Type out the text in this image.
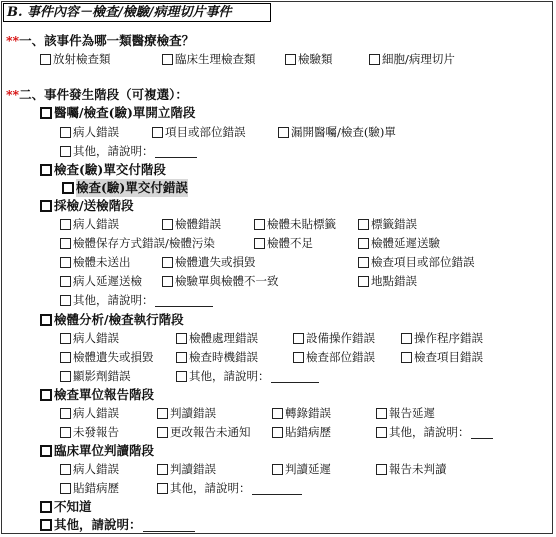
B. 事件內容－檢查/檢驗/病理切片事件
**一、該事件為哪一類醫療檢查？
放射檢查類	臨床生理檢查類	檢驗類	細胞/病理切片
**二、事件發生階段（可複選）：
醫囑/檢查(驗)單開立階段
病人錯誤	項目或部位錯誤	漏開醫囑/檢查(驗)單
其他，請說明：
檢查(驗)單交付階段
檢查(驗)單交付錯誤
採檢/送檢階段
病人錯誤	檢體錯誤	檢體未貼標籤	標籤錯誤
檢體保存方式錯誤/檢體污染	檢體不足	檢體延遲送驗
檢體未送出	檢體遺失或損毀	檢查項目或部位錯誤
病人延遲送檢	檢驗單與檢體不一致	地點錯誤
其他，請說明：
檢體分析/檢查執行階段
病人錯誤	檢體處理錯誤	設備操作錯誤	操作程序錯誤
檢體遺失或損毀	檢查時機錯誤	檢查部位錯誤	檢查項目錯誤
顯影劑錯誤	其他，請說明：
檢查單位報告階段
病人錯誤	判讀錯誤	轉錄錯誤	報告延遲
未發報告	更改報告未通知	貼錯病歷	其他，請說明：
臨床單位判讀階段
病人錯誤	判讀錯誤	判讀延遲	報告未判讀
貼錯病歷	其他，請說明：
不知道
其他，請說明：
